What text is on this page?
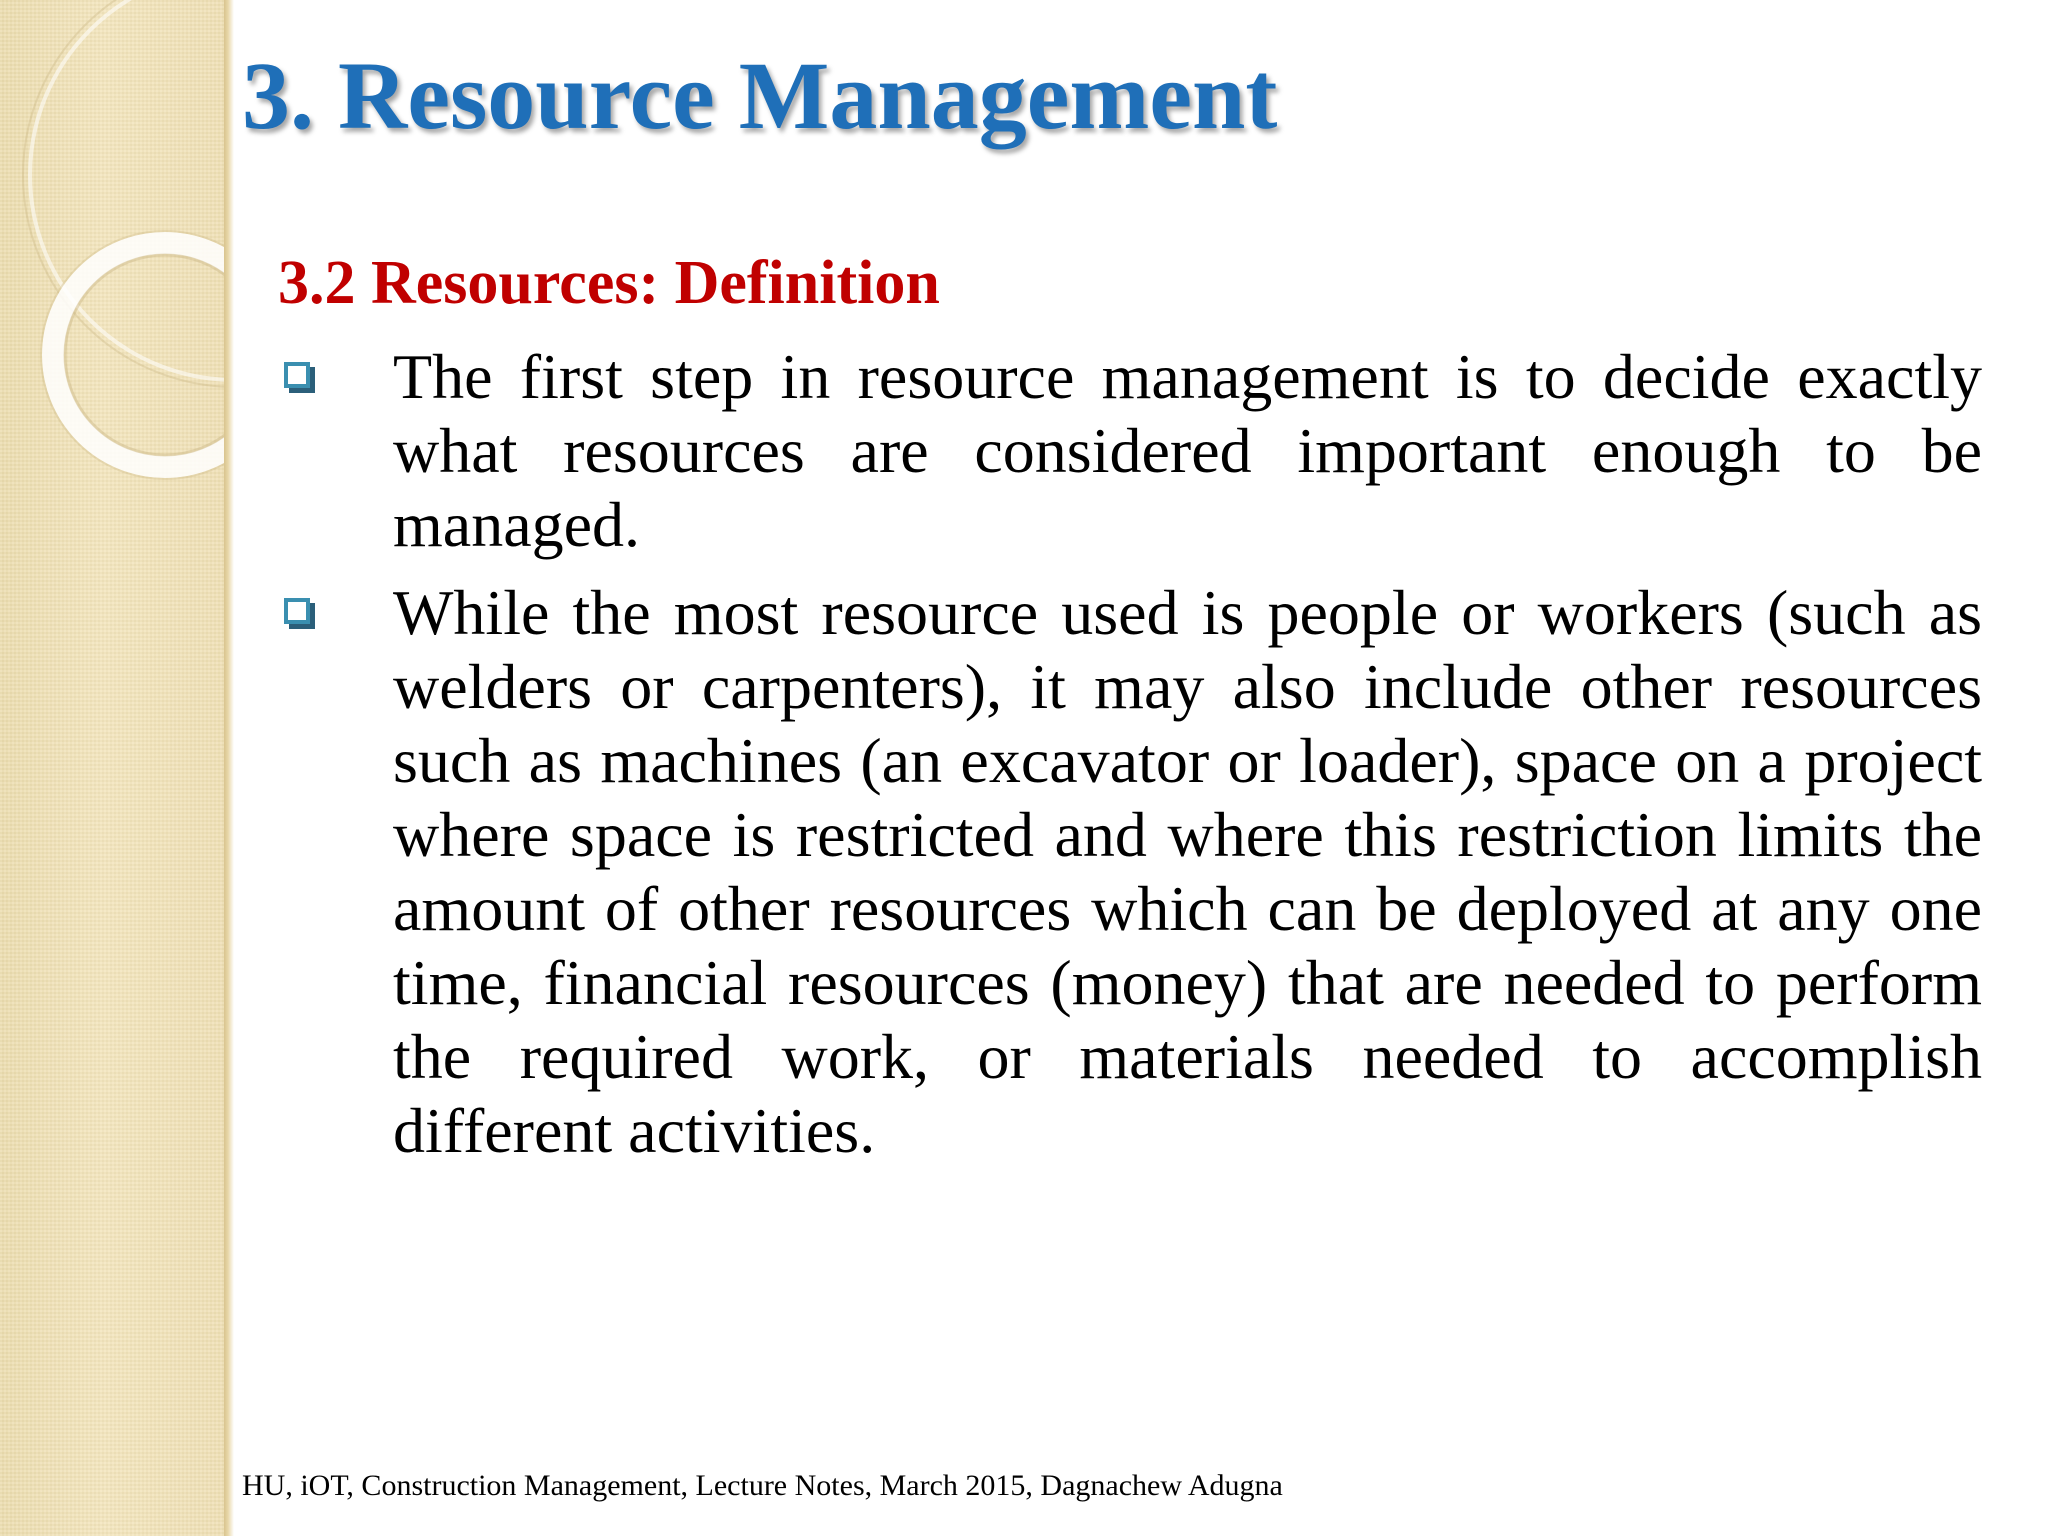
3. Resource Management
3.2 Resources: Definition
The first step in resource management is to decide exactly what resources are considered important enough to be managed.
While the most resource used is people or workers (such as welders or carpenters), it may also include other resources such as machines (an excavator or loader), space on a project where space is restricted and where this restriction limits the amount of other resources which can be deployed at any one time, financial resources (money) that are needed to perform the required work, or materials needed to accomplish different activities.

HU, iOT, Construction Management, Lecture Notes, March 2015, Dagnachew Adugna
